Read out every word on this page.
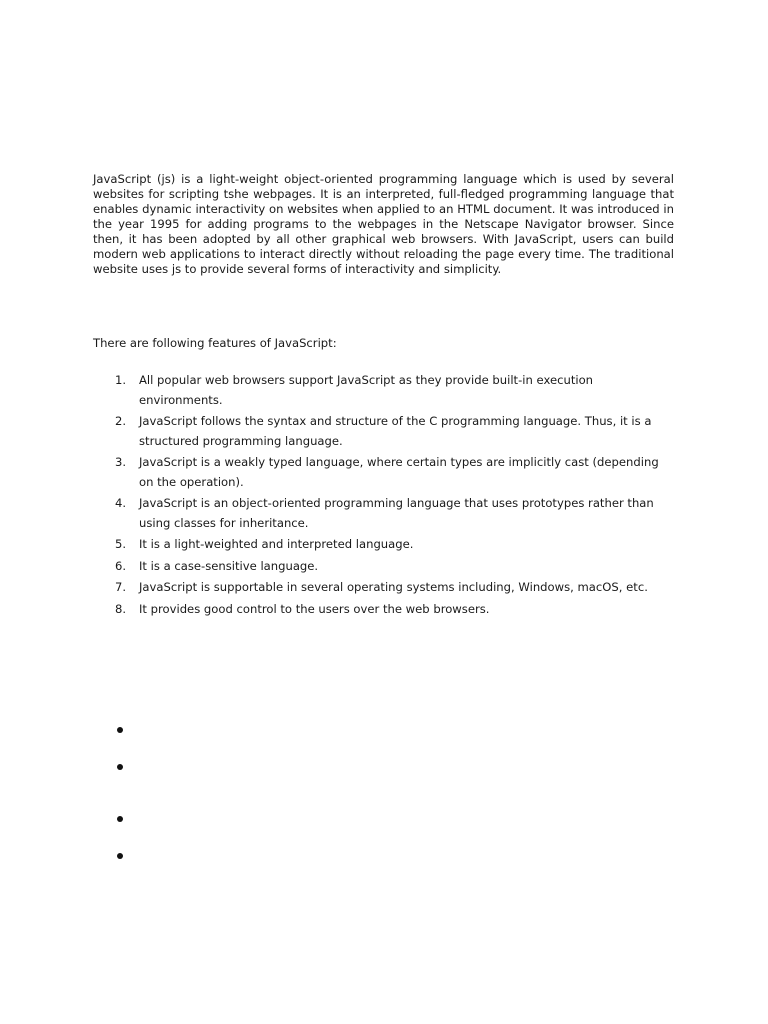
JavaScript (js) is a light-weight object-oriented programming language which is used by several websites for scripting tshe webpages. It is an interpreted, full-fledged programming language that enables dynamic interactivity on websites when applied to an HTML document. It was introduced in the year 1995 for adding programs to the webpages in the Netscape Navigator browser. Since then, it has been adopted by all other graphical web browsers. With JavaScript, users can build modern web applications to interact directly without reloading the page every time. The traditional website uses js to provide several forms of interactivity and simplicity.

There are following features of JavaScript:

1. All popular web browsers support JavaScript as they provide built-in execution environments.
2. JavaScript follows the syntax and structure of the C programming language. Thus, it is a structured programming language.
3. JavaScript is a weakly typed language, where certain types are implicitly cast (depending on the operation).
4. JavaScript is an object-oriented programming language that uses prototypes rather than using classes for inheritance.
5. It is a light-weighted and interpreted language.
6. It is a case-sensitive language.
7. JavaScript is supportable in several operating systems including, Windows, macOS, etc.
8. It provides good control to the users over the web browsers.
